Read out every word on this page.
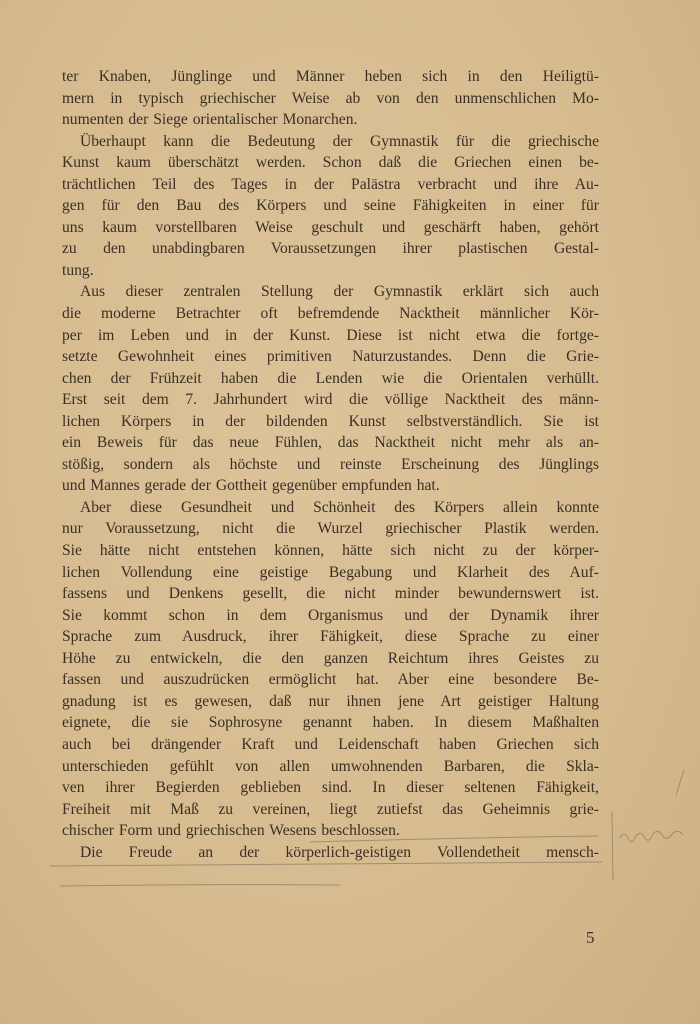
ter Knaben, Jünglinge und Männer heben sich in den Heiligtü-
mern in typisch griechischer Weise ab von den unmenschlichen Mo-
numenten der Siege orientalischer Monarchen.
Überhaupt kann die Bedeutung der Gymnastik für die griechische
Kunst kaum überschätzt werden. Schon daß die Griechen einen be-
trächtlichen Teil des Tages in der Palästra verbracht und ihre Au-
gen für den Bau des Körpers und seine Fähigkeiten in einer für
uns kaum vorstellbaren Weise geschult und geschärft haben, gehört
zu den unabdingbaren Voraussetzungen ihrer plastischen Gestal-
tung.
Aus dieser zentralen Stellung der Gymnastik erklärt sich auch
die moderne Betrachter oft befremdende Nacktheit männlicher Kör-
per im Leben und in der Kunst. Diese ist nicht etwa die fortge-
setzte Gewohnheit eines primitiven Naturzustandes. Denn die Grie-
chen der Frühzeit haben die Lenden wie die Orientalen verhüllt.
Erst seit dem 7. Jahrhundert wird die völlige Nacktheit des männ-
lichen Körpers in der bildenden Kunst selbstverständlich. Sie ist
ein Beweis für das neue Fühlen, das Nacktheit nicht mehr als an-
stößig, sondern als höchste und reinste Erscheinung des Jünglings
und Mannes gerade der Gottheit gegenüber empfunden hat.
Aber diese Gesundheit und Schönheit des Körpers allein konnte
nur Voraussetzung, nicht die Wurzel griechischer Plastik werden.
Sie hätte nicht entstehen können, hätte sich nicht zu der körper-
lichen Vollendung eine geistige Begabung und Klarheit des Auf-
fassens und Denkens gesellt, die nicht minder bewundernswert ist.
Sie kommt schon in dem Organismus und der Dynamik ihrer
Sprache zum Ausdruck, ihrer Fähigkeit, diese Sprache zu einer
Höhe zu entwickeln, die den ganzen Reichtum ihres Geistes zu
fassen und auszudrücken ermöglicht hat. Aber eine besondere Be-
gnadung ist es gewesen, daß nur ihnen jene Art geistiger Haltung
eignete, die sie Sophrosyne genannt haben. In diesem Maßhalten
auch bei drängender Kraft und Leidenschaft haben Griechen sich
unterschieden gefühlt von allen umwohnenden Barbaren, die Skla-
ven ihrer Begierden geblieben sind. In dieser seltenen Fähigkeit,
Freiheit mit Maß zu vereinen, liegt zutiefst das Geheimnis grie-
chischer Form und griechischen Wesens beschlossen.
Die Freude an der körperlich-geistigen Vollendetheit mensch-
5
